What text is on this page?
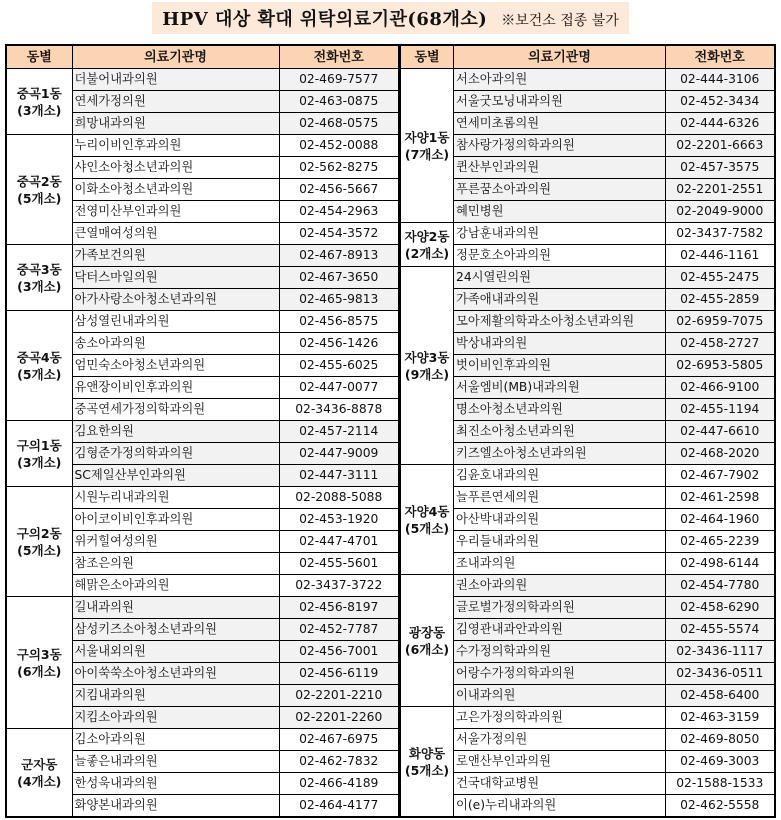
HPV 대상 확대 위탁의료기관(68개소) ※보건소 접종 불가
동별	의료기관명	전화번호
중곡1동
(3개소)	더불어내과의원	02-469-7577
	연세가정의원	02-463-0875
	희망내과의원	02-468-0575
중곡2동
(5개소)	누리이비인후과의원	02-452-0088
	샤인소아청소년과의원	02-562-8275
	이화소아청소년과의원	02-456-5667
	전영미산부인과의원	02-454-2963
	큰열매여성의원	02-454-3572
중곡3동
(3개소)	가족보건의원	02-467-8913
	닥터스마일의원	02-467-3650
	아가사랑소아청소년과의원	02-465-9813
중곡4동
(5개소)	삼성열린내과의원	02-456-8575
	송소아과의원	02-456-1426
	엄민숙소아청소년과의원	02-455-6025
	유앤장이비인후과의원	02-447-0077
	중곡연세가정의학과의원	02-3436-8878
구의1동
(3개소)	김요한의원	02-457-2114
	김형준가정의학과의원	02-447-9009
	SC제일산부인과의원	02-447-3111
구의2동
(5개소)	시원누리내과의원	02-2088-5088
	아이코이비인후과의원	02-453-1920
	위커힐여성의원	02-447-4701
	참조은의원	02-455-5601
	해맑은소아과의원	02-3437-3722
구의3동
(6개소)	길내과의원	02-456-8197
	삼성키즈소아청소년과의원	02-452-7787
	서울내외의원	02-456-7001
	아이쑥쑥소아청소년과의원	02-456-6119
	지킴내과의원	02-2201-2210
	지킴소아과의원	02-2201-2260
군자동
(4개소)	김소아과의원	02-467-6975
	늘좋은내과의원	02-462-7832
	한성욱내과의원	02-466-4189
	화양본내과의원	02-464-4177
동별	의료기관명	전화번호
자양1동
(7개소)	서소아과의원	02-444-3106
	서울굿모닝내과의원	02-452-3434
	연세미초롬의원	02-444-6326
	참사랑가정의학과의원	02-2201-6663
	퀸산부인과의원	02-457-3575
	푸른꿈소아과의원	02-2201-2551
	혜민병원	02-2049-9000
자양2동
(2개소)	강남훈내과의원	02-3437-7582
	정문호소아과의원	02-446-1161
자양3동
(9개소)	24시열린의원	02-455-2475
	가족애내과의원	02-455-2859
	모아제활의학과소아청소년과의원	02-6959-7075
	박상내과의원	02-458-2727
	벗이비인후과의원	02-6953-5805
	서울엠비(MB)내과의원	02-466-9100
	명소아청소년과의원	02-455-1194
	최진소아청소년과의원	02-447-6610
	키즈엘소아청소년과의원	02-468-2020
자양4동
(5개소)	김윤호내과의원	02-467-7902
	늘푸른연세의원	02-461-2598
	아산박내과의원	02-464-1960
	우리들내과의원	02-465-2239
	조내과의원	02-498-6144
광장동
(6개소)	권소아과의원	02-454-7780
	글로벌가정의학과의원	02-458-6290
	김영관내과안과의원	02-455-5574
	수가정의학과의원	02-3436-1117
	어랑수가정의학과의원	02-3436-0511
	이내과의원	02-458-6400
화양동
(5개소)	고은가정의학과의원	02-463-3159
	서울가정의원	02-469-8050
	로앤산부인과의원	02-469-3003
	건국대학교병원	02-1588-1533
	이(e)누리내과의원	02-462-5558
